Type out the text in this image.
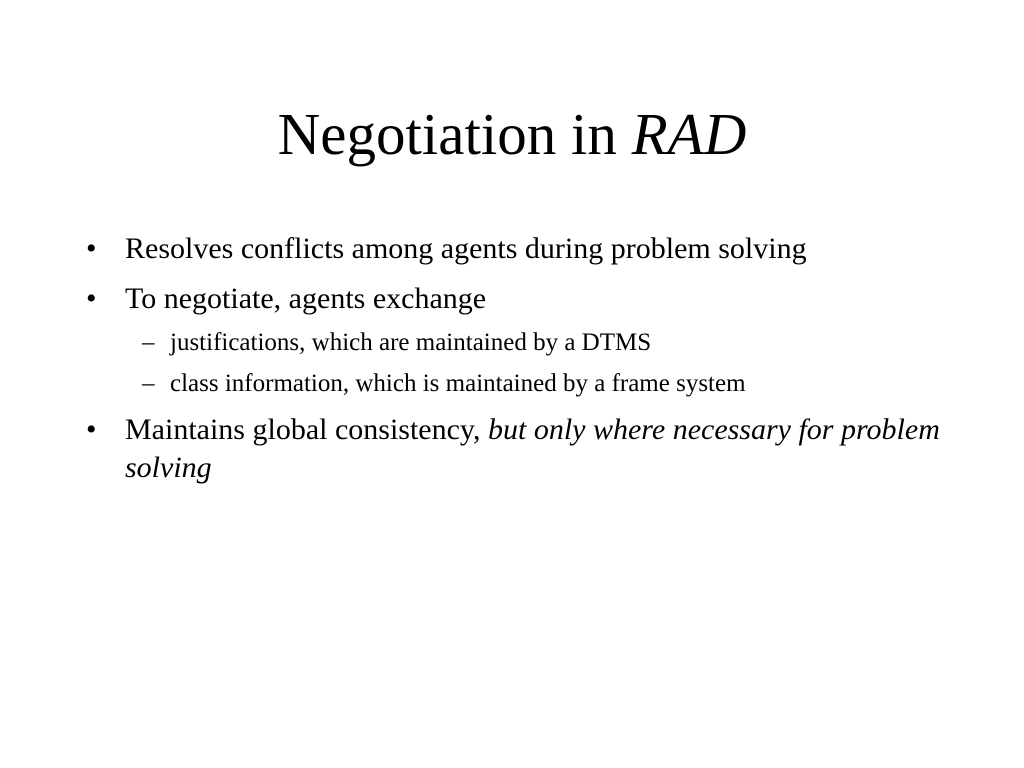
Negotiation in RAD
• Resolves conflicts among agents during problem solving
• To negotiate, agents exchange
– justifications, which are maintained by a DTMS
– class information, which is maintained by a frame system
• Maintains global consistency, but only where necessary for problem solving
